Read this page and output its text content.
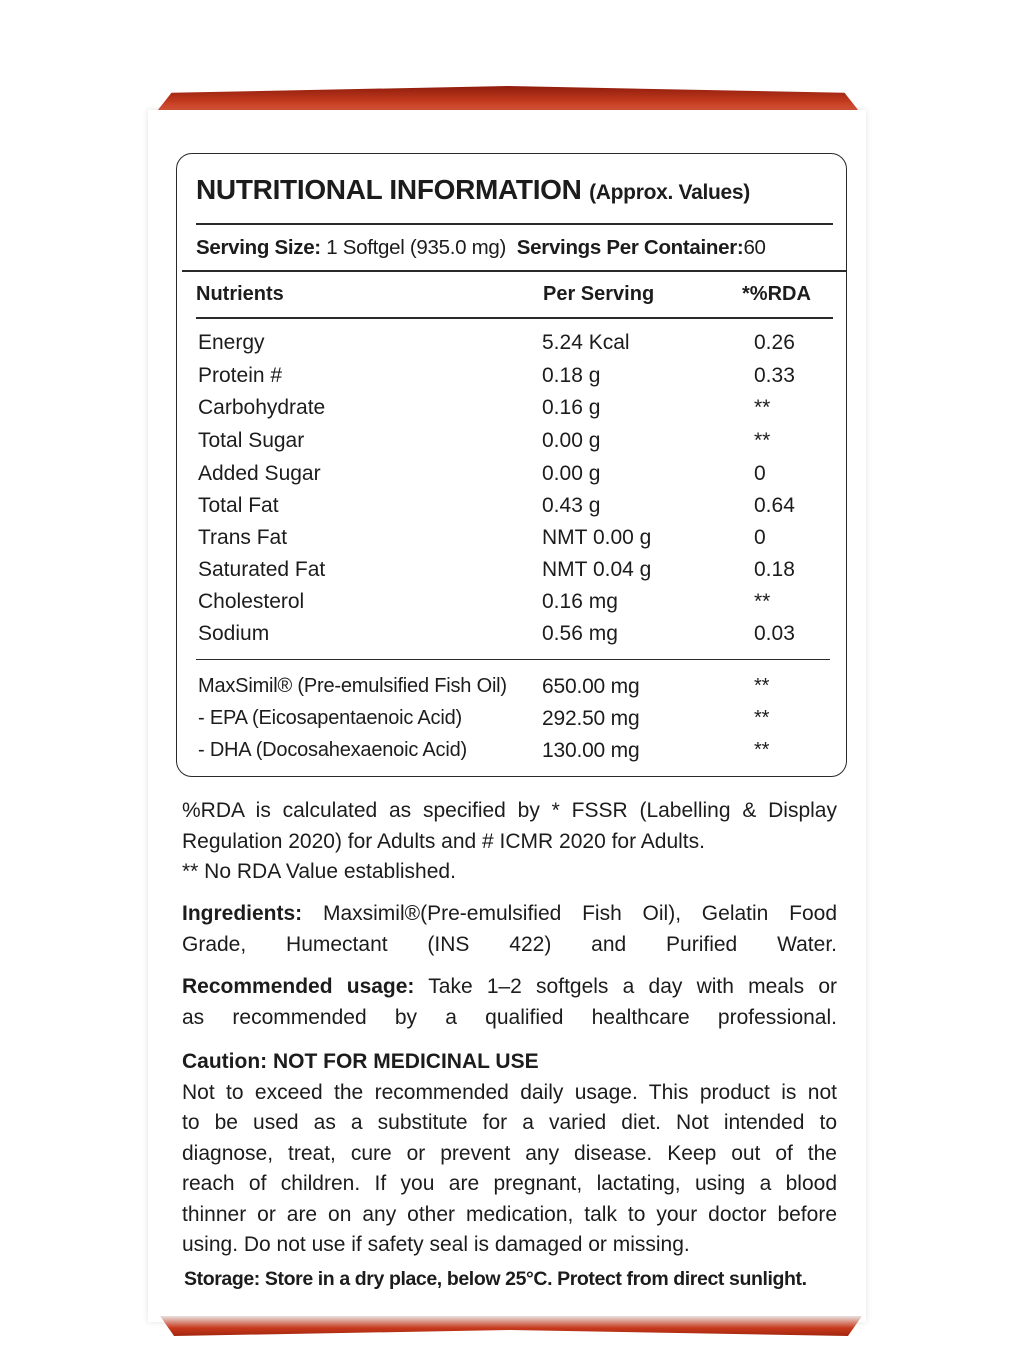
NUTRITIONAL INFORMATION (Approx. Values)
Serving Size: 1 Softgel (935.0 mg) Servings Per Container:60
Nutrients	Per Serving	*%RDA
Energy	5.24 Kcal	0.26
Protein #	0.18 g	0.33
Carbohydrate	0.16 g	**
Total Sugar	0.00 g	**
Added Sugar	0.00 g	0
Total Fat	0.43 g	0.64
Trans Fat	NMT 0.00 g	0
Saturated Fat	NMT 0.04 g	0.18
Cholesterol	0.16 mg	**
Sodium	0.56 mg	0.03
MaxSimil® (Pre-emulsified Fish Oil) 650.00 mg	**
- EPA (Eicosapentaenoic Acid)	292.50 mg	**
- DHA (Docosahexaenoic Acid)	130.00 mg	**
%RDA is calculated as specified by * FSSR (Labelling & Display
Regulation 2020) for Adults and # ICMR 2020 for Adults.
** No RDA Value established.
Ingredients: Maxsimil®(Pre-emulsified Fish Oil), Gelatin Food
Grade, Humectant (INS 422) and Purified Water.
Recommended usage: Take 1–2 softgels a day with meals or
as recommended by a qualified healthcare professional.
Caution: NOT FOR MEDICINAL USE
Not to exceed the recommended daily usage. This product is not
to be used as a substitute for a varied diet. Not intended to
diagnose, treat, cure or prevent any disease. Keep out of the
reach of children. If you are pregnant, lactating, using a blood
thinner or are on any other medication, talk to your doctor before
using. Do not use if safety seal is damaged or missing.
Storage: Store in a dry place, below 25°C. Protect from direct sunlight.
